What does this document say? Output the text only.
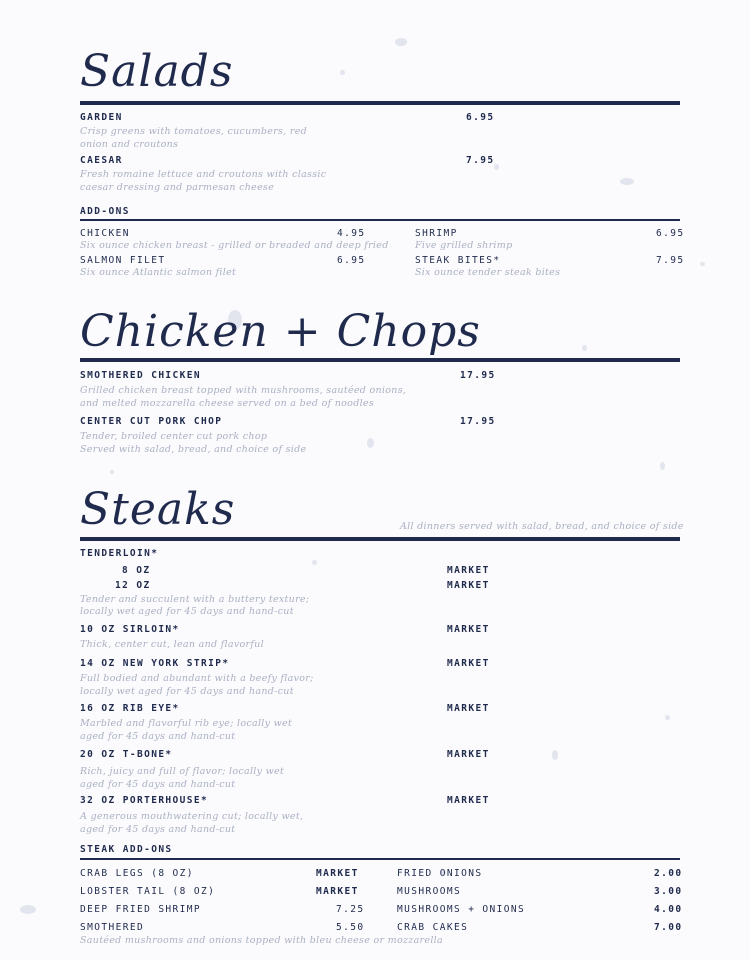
Salads
GARDEN	6.95
Crisp greens with tomatoes, cucumbers, red
onion and croutons
CAESAR	7.95
Fresh romaine lettuce and croutons with classic
caesar dressing and parmesan cheese
ADD-ONS
CHICKEN	4.95
Six ounce chicken breast - grilled or breaded and deep fried
SALMON FILET	6.95
Six ounce Atlantic salmon filet
SHRIMP	6.95
Five grilled shrimp
STEAK BITES*	7.95
Six ounce tender steak bites
Chicken + Chops
SMOTHERED CHICKEN	17.95
Grilled chicken breast topped with mushrooms, sautéed onions,
and melted mozzarella cheese served on a bed of noodles
CENTER CUT PORK CHOP	17.95
Tender, broiled center cut pork chop
Served with salad, bread, and choice of side
Steaks	All dinners served with salad, bread, and choice of side
TENDERLOIN*
8 OZ	MARKET
12 OZ	MARKET
Tender and succulent with a buttery texture;
locally wet aged for 45 days and hand-cut
10 OZ SIRLOIN*	MARKET
Thick, center cut, lean and flavorful
14 OZ NEW YORK STRIP*	MARKET
Full bodied and abundant with a beefy flavor;
locally wet aged for 45 days and hand-cut
16 OZ RIB EYE*	MARKET
Marbled and flavorful rib eye; locally wet
aged for 45 days and hand-cut
20 OZ T-BONE*	MARKET
Rich, juicy and full of flavor; locally wet
aged for 45 days and hand-cut
32 OZ PORTERHOUSE*	MARKET
A generous mouthwatering cut; locally wet,
aged for 45 days and hand-cut
STEAK ADD-ONS
CRAB LEGS (8 OZ)	MARKET
LOBSTER TAIL (8 OZ)	MARKET
DEEP FRIED SHRIMP	7.25
SMOTHERED	5.50
Sautéed mushrooms and onions topped with bleu cheese or mozzarella
FRIED ONIONS	2.00
MUSHROOMS	3.00
MUSHROOMS + ONIONS	4.00
CRAB CAKES	7.00
